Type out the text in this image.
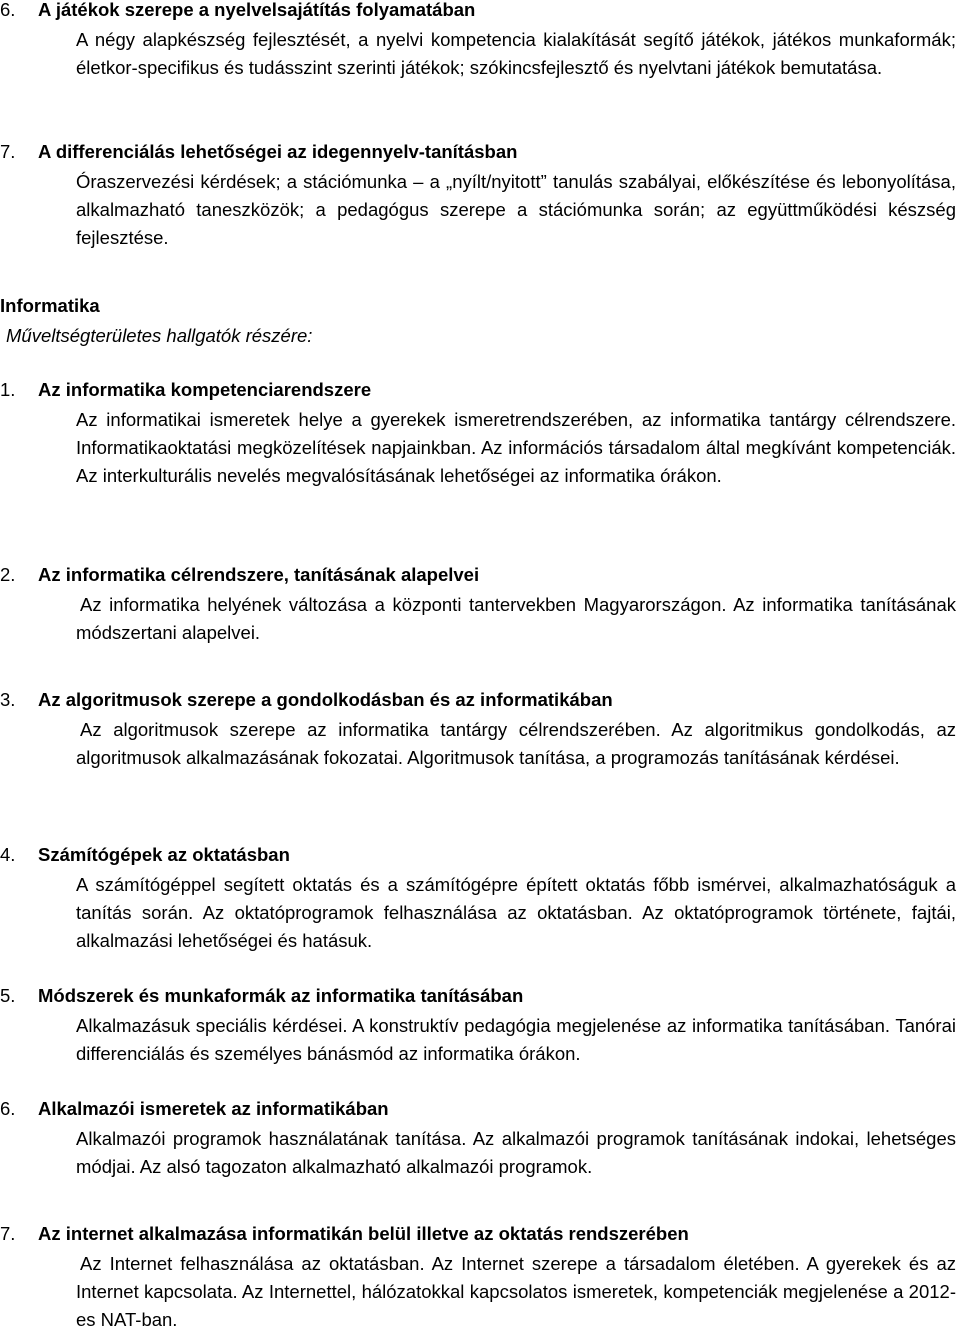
6. A játékok szerepe a nyelvelsajátítás folyamatában
A négy alapkészség fejlesztését, a nyelvi kompetencia kialakítását segítő játékok, játékos munkaformák; életkor-specifikus és tudásszint szerinti játékok; szókincsfejlesztő és nyelvtani játékok bemutatása.
7. A differenciálás lehetőségei az idegennyelv-tanításban
Óraszervezési kérdések; a stációmunka ‒ a „nyílt/nyitott” tanulás szabályai, előkészítése és lebonyolítása, alkalmazható taneszközök; a pedagógus szerepe a stációmunka során; az együttműködési készség fejlesztése.
Informatika
Műveltségterületes hallgatók részére:
1. Az informatika kompetenciarendszere
Az informatikai ismeretek helye a gyerekek ismeretrendszerében, az informatika tantárgy célrendszere. Informatikaoktatási megközelítések napjainkban. Az információs társadalom által megkívánt kompetenciák. Az interkulturális nevelés megvalósításának lehetőségei az informatika órákon.
2. Az informatika célrendszere, tanításának alapelvei
Az informatika helyének változása a központi tantervekben Magyarországon. Az informatika tanításának módszertani alapelvei.
3. Az algoritmusok szerepe a gondolkodásban és az informatikában
Az algoritmusok szerepe az informatika tantárgy célrendszerében. Az algoritmikus gondolkodás, az algoritmusok alkalmazásának fokozatai. Algoritmusok tanítása, a programozás tanításának kérdései.
4. Számítógépek az oktatásban
A számítógéppel segített oktatás és a számítógépre épített oktatás főbb ismérvei, alkalmazhatóságuk a tanítás során. Az oktatóprogramok felhasználása az oktatásban. Az oktatóprogramok története, fajtái, alkalmazási lehetőségei és hatásuk.
5. Módszerek és munkaformák az informatika tanításában
Alkalmazásuk speciális kérdései. A konstruktív pedagógia megjelenése az informatika tanításában. Tanórai differenciálás és személyes bánásmód az informatika órákon.
6. Alkalmazói ismeretek az informatikában
Alkalmazói programok használatának tanítása. Az alkalmazói programok tanításának indokai, lehetséges módjai. Az alsó tagozaton alkalmazható alkalmazói programok.
7. Az internet alkalmazása informatikán belül illetve az oktatás rendszerében
Az Internet felhasználása az oktatásban. Az Internet szerepe a társadalom életében. A gyerekek és az Internet kapcsolata. Az Internettel, hálózatokkal kapcsolatos ismeretek, kompetenciák megjelenése a 2012-es NAT-ban.
